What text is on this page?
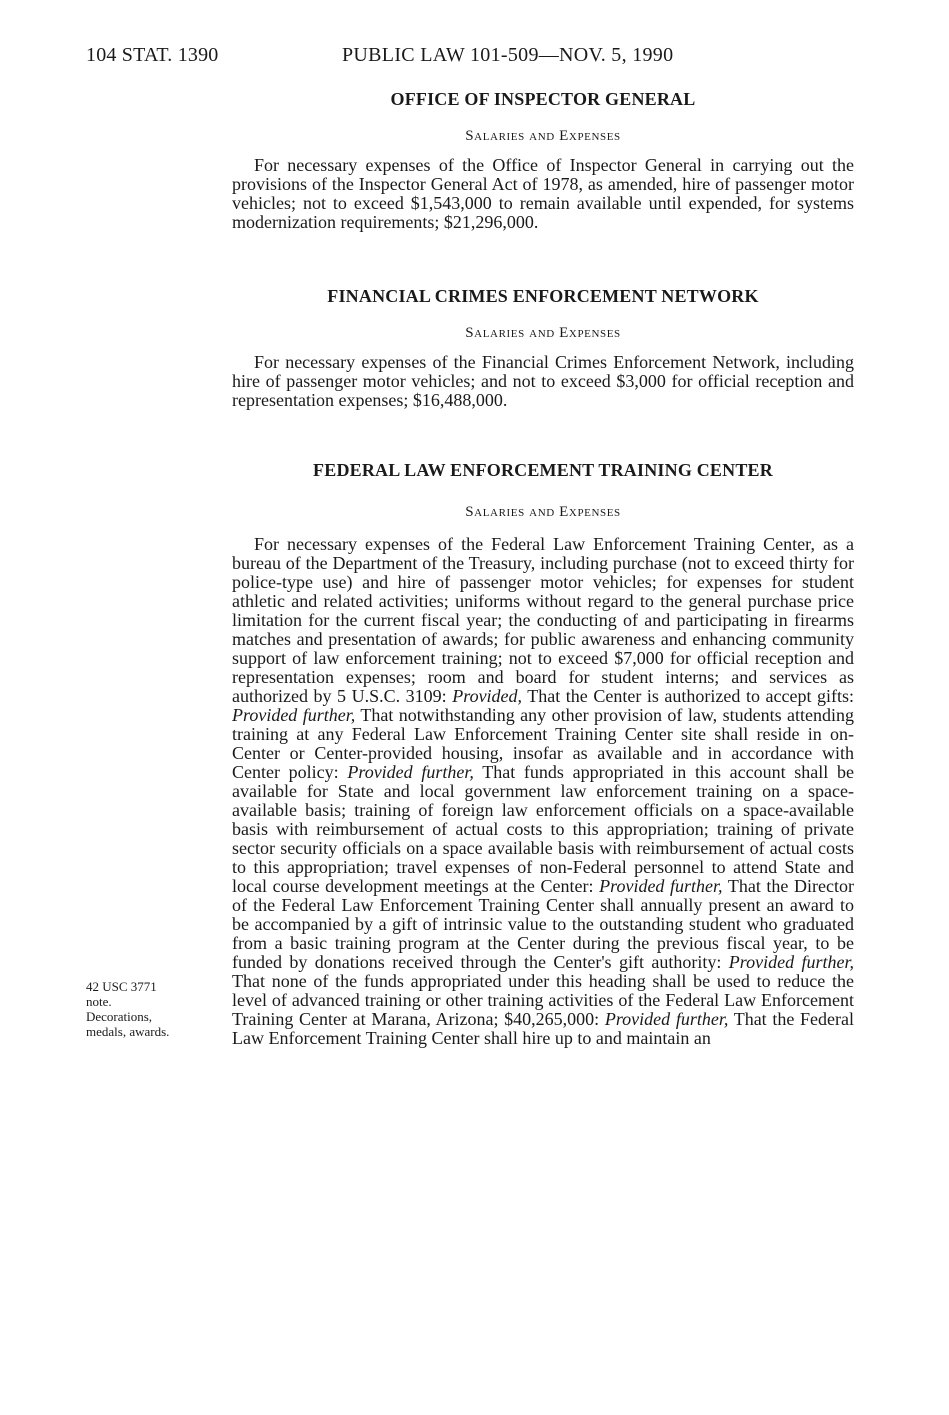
104 STAT. 1390	PUBLIC LAW 101-509—NOV. 5, 1990
OFFICE OF INSPECTOR GENERAL
Salaries and Expenses

For necessary expenses of the Office of Inspector General in carrying out the provisions of the Inspector General Act of 1978, as amended, hire of passenger motor vehicles; not to exceed $1,543,000 to remain available until expended, for systems modernization requirements; $21,296,000.

FINANCIAL CRIMES ENFORCEMENT NETWORK
Salaries and Expenses

For necessary expenses of the Financial Crimes Enforcement Network, including hire of passenger motor vehicles; and not to exceed $3,000 for official reception and representation expenses; $16,488,000.

FEDERAL LAW ENFORCEMENT TRAINING CENTER
Salaries and Expenses

For necessary expenses of the Federal Law Enforcement Training Center, as a bureau of the Department of the Treasury, including purchase (not to exceed thirty for police-type use) and hire of passenger motor vehicles; for expenses for student athletic and related activities; uniforms without regard to the general purchase price limitation for the current fiscal year; the conducting of and participating in firearms matches and presentation of awards; for public awareness and enhancing community support of law enforcement training; not to exceed $7,000 for official reception and representation expenses; room and board for student interns; and services as authorized by 5 U.S.C. 3109: Provided, That the Center is authorized to accept gifts: Provided further, That notwithstanding any other provision of law, students attending training at any Federal Law Enforcement Training Center site shall reside in on-Center or Center-provided housing, insofar as available and in accordance with Center policy: Provided further, That funds appropriated in this account shall be available for State and local government law enforcement training on a space-available basis; training of foreign law enforcement officials on a space-available basis with reimbursement of actual costs to this appropriation; training of private sector security officials on a space available basis with reimbursement of actual costs to this appropriation; travel expenses of non-Federal personnel to attend State and local course development meetings at the Center: Provided further, That the Director of the Federal Law Enforcement Training Center shall annually present an award to be accompanied by a gift of intrinsic value to the outstanding student who graduated from a basic training program at the Center during the previous fiscal year, to be funded by donations received through the Center's gift authority: Provided further, That none of the funds appropriated under this heading shall be used to reduce the level of advanced training or other training activities of the Federal Law Enforcement Training Center at Marana, Arizona; $40,265,000: Provided further, That the Federal Law Enforcement Training Center shall hire up to and maintain an

42 USC 3771
note.
Decorations,
medals, awards.
